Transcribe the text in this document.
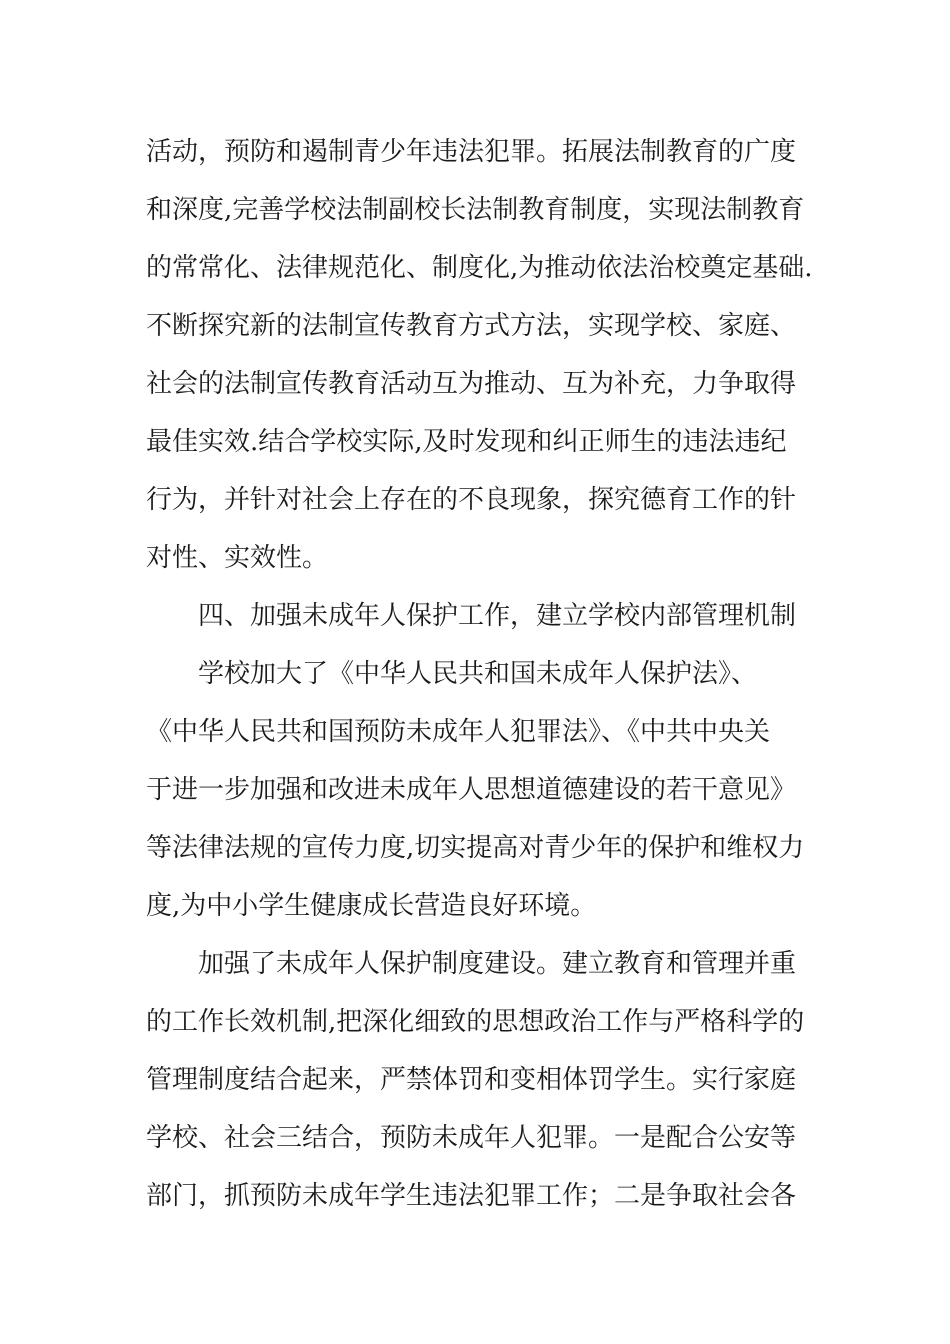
活动，预防和遏制青少年违法犯罪。拓展法制教育的广度
和深度,完善学校法制副校长法制教育制度，实现法制教育
的常常化、法律规范化、制度化,为推动依法治校奠定基础.
不断探究新的法制宣传教育方式方法，实现学校、家庭、
社会的法制宣传教育活动互为推动、互为补充，力争取得
最佳实效.结合学校实际,及时发现和纠正师生的违法违纪
行为，并针对社会上存在的不良现象，探究德育工作的针
对性、实效性。
四、加强未成年人保护工作，建立学校内部管理机制
学校加大了《中华人民共和国未成年人保护法》、
《中华人民共和国预防未成年人犯罪法》、《中共中央关
于进一步加强和改进未成年人思想道德建设的若干意见》
等法律法规的宣传力度,切实提高对青少年的保护和维权力
度,为中小学生健康成长营造良好环境。
加强了未成年人保护制度建设。建立教育和管理并重
的工作长效机制,把深化细致的思想政治工作与严格科学的
管理制度结合起来，严禁体罚和变相体罚学生。实行家庭
学校、社会三结合，预防未成年人犯罪。一是配合公安等
部门，抓预防未成年学生违法犯罪工作；二是争取社会各
